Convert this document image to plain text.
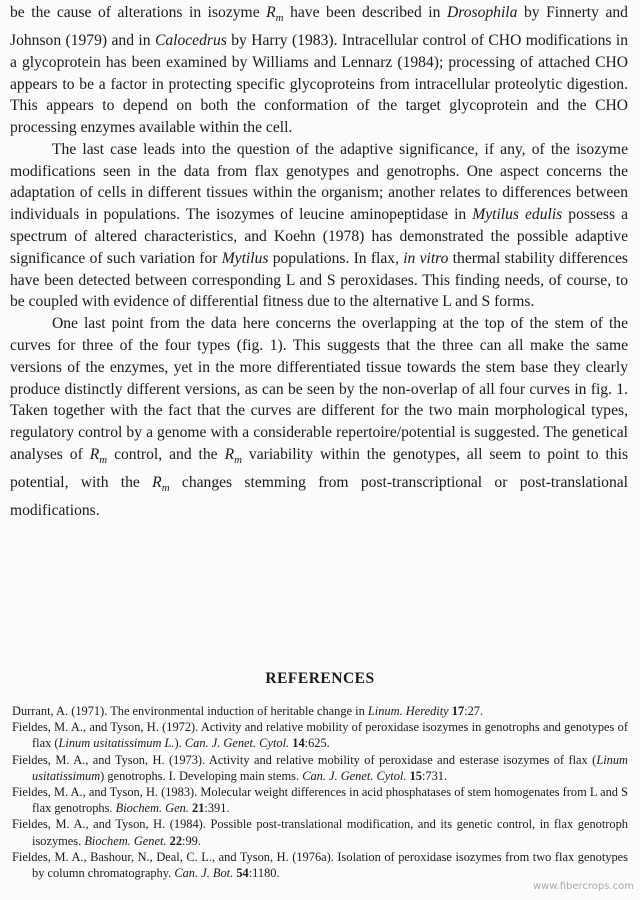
be the cause of alterations in isozyme $R_m$ have been described in Drosophila by Finnerty and Johnson (1979) and in Calocedrus by Harry (1983). Intracellular control of CHO modifications in a glycoprotein has been examined by Williams and Lennarz (1984); processing of attached CHO appears to be a factor in protecting specific glycoproteins from intracellular proteolytic digestion. This appears to depend on both the conformation of the target glycoprotein and the CHO processing enzymes available within the cell.

The last case leads into the question of the adaptive significance, if any, of the isozyme modifications seen in the data from flax genotypes and genotrophs. One aspect concerns the adaptation of cells in different tissues within the organism; another relates to differences between individuals in populations. The isozymes of leucine aminopeptidase in Mytilus edulis possess a spectrum of altered characteristics, and Koehn (1978) has demonstrated the possible adaptive significance of such variation for Mytilus populations. In flax, in vitro thermal stability differences have been detected between corresponding L and S peroxidases. This finding needs, of course, to be coupled with evidence of differential fitness due to the alternative L and S forms.

One last point from the data here concerns the overlapping at the top of the stem of the curves for three of the four types (fig. 1). This suggests that the three can all make the same versions of the enzymes, yet in the more differentiated tissue towards the stem base they clearly produce distinctly different versions, as can be seen by the non-overlap of all four curves in fig. 1. Taken together with the fact that the curves are different for the two main morphological types, regulatory control by a genome with a considerable repertoire/potential is suggested. The genetical analyses of $R_m$ control, and the $R_m$ variability within the genotypes, all seem to point to this potential, with the $R_m$ changes stemming from post-transcriptional or post-translational modifications.

REFERENCES

Durrant, A. (1971). The environmental induction of heritable change in Linum. Heredity 17:27.

Fieldes, M. A., and Tyson, H. (1972). Activity and relative mobility of peroxidase isozymes in genotrophs and genotypes of flax (Linum usitatissimum L.). Can. J. Genet. Cytol. 14:625.

Fieldes, M. A., and Tyson, H. (1973). Activity and relative mobility of peroxidase and esterase isozymes of flax (Linum usitatissimum) genotrophs. I. Developing main stems. Can. J. Genet. Cytol. 15:731.

Fieldes, M. A., and Tyson, H. (1983). Molecular weight differences in acid phosphatases of stem homogenates from L and S flax genotrophs. Biochem. Gen. 21:391.

Fieldes, M. A., and Tyson, H. (1984). Possible post-translational modification, and its genetic control, in flax genotroph isozymes. Biochem. Genet. 22:99.

Fieldes, M. A., Bashour, N., Deal, C. L., and Tyson, H. (1976a). Isolation of peroxidase isozymes from two flax genotypes by column chromatography. Can. J. Bot. 54:1180.

www.fibercrops.com
